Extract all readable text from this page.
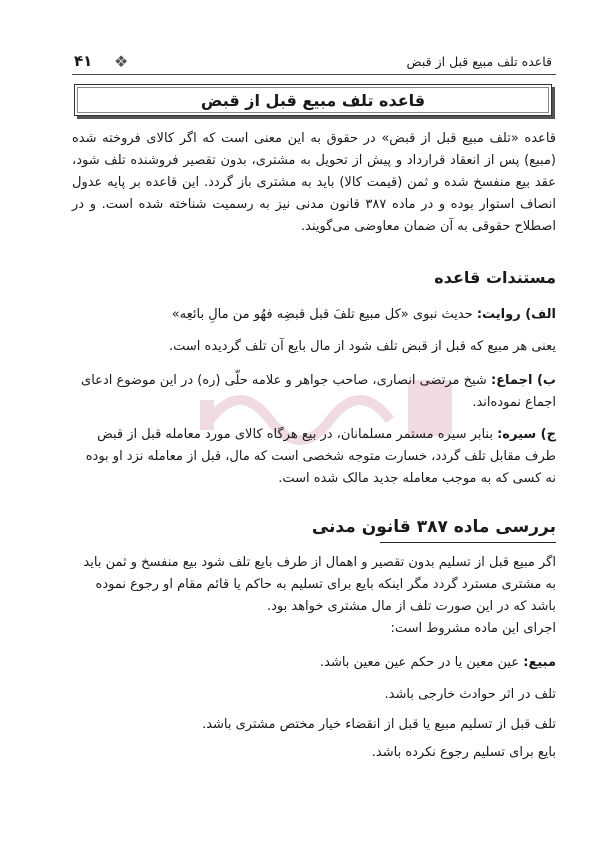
۴۱ ❖	قاعده تلف مبیع قبل از قبض
قاعده تلف مبیع قبل از قبض
قاعده «تلف مبیع قبل از قبض» در حقوق به این معنی است که اگر کالای فروخته شده (مبیع) پس از انعقاد قرارداد و پیش از تحویل به مشتری، بدون تقصیر فروشنده تلف شود، عقد بیع منفسخ شده و ثمن (قیمت کالا) باید به مشتری باز گردد. این قاعده بر پایه عدول انصاف استوار بوده و در ماده ۳۸۷ قانون مدنی نیز به رسمیت شناخته شده است. و در اصطلاح حقوقی به آن ضمان معاوضی می‌گویند.
مستندات قاعده
الف) روایت: حدیث نبوی «کل مبیع تلفَ قبل قبضِه فهُو من مالِ بائعِه»
یعنی هر مبیع که قبل از قبض تلف شود از مال بایع آن تلف گردیده است.
ب) اجماع: شیخ مرتضی انصاری، صاحب جواهر و علامه حلّی (ره) در این موضوع ادعای اجماع نموده‌اند.
ج) سیره: بنابر سیره مستمر مسلمانان، در بیع هرگاه کالای مورد معامله قبل از قبض طرف مقابل تلف گردد، خسارت متوجه شخصی است که مال، قبل از معامله نزد او بوده نه کسی که به موجب معامله جدید مالک شده است.
بررسی ماده ۳۸۷ قانون مدنی
اگر مبیع قبل از تسلیم بدون تقصیر و اهمال از طرف بایع تلف شود بیع منفسخ و ثمن باید به مشتری مسترد گردد مگر اینکه بایع برای تسلیم به حاکم یا قائم مقام او رجوع نموده باشد که در این صورت تلف از مال مشتری خواهد بود.
اجرای این ماده مشروط است:
مبیع: عین معین یا در حکم عین معین باشد.
تلف در اثر حوادث خارجی باشد.
تلف قبل از تسلیم مبیع یا قبل از انقضاء خیار مختص مشتری باشد.
بایع برای تسلیم رجوع نکرده باشد.
